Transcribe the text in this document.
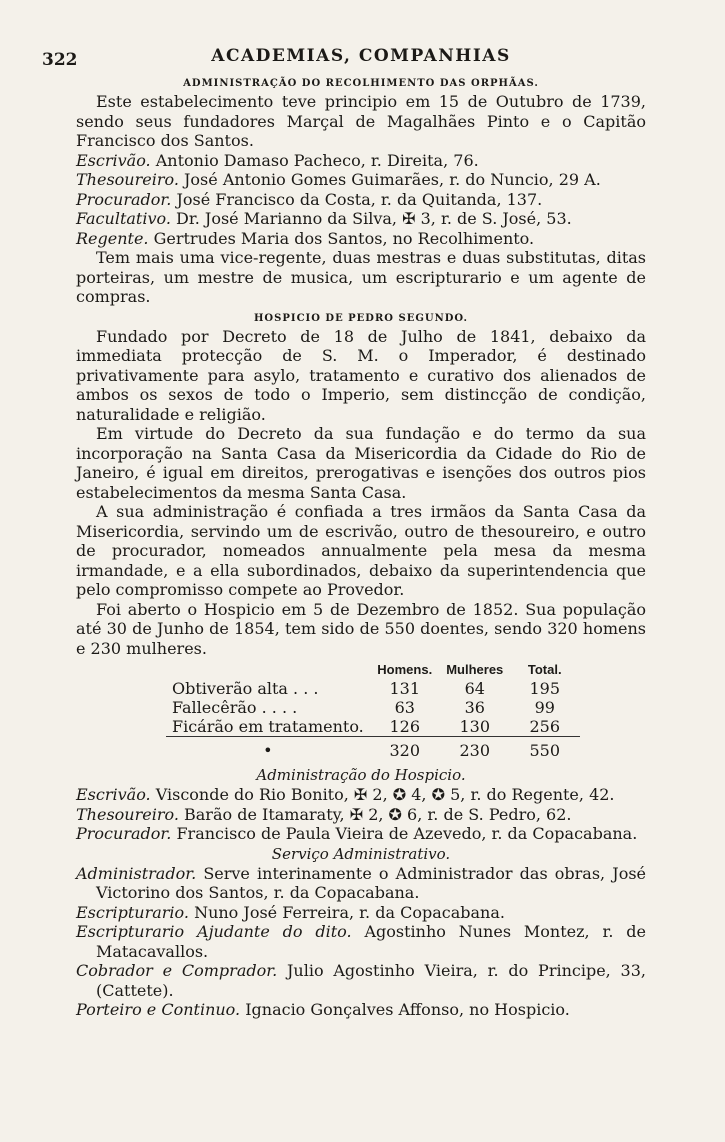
322	ACADEMIAS, COMPANHIAS
ADMINISTRAÇÃO DO RECOLHIMENTO DAS ORPHÃAS.

Este estabelecimento teve principio em 15 de Outubro de 1739, sendo seus fundadores Marçal de Magalhães Pinto e o Capitão Francisco dos Santos.

Escrivão. Antonio Damaso Pacheco, r. Direita, 76.
Thesoureiro. José Antonio Gomes Guimarães, r. do Nuncio, 29 A.
Procurador. José Francisco da Costa, r. da Quitanda, 137.
Facultativo. Dr. José Marianno da Silva, ✠ 3, r. de S. José, 53.
Regente. Gertrudes Maria dos Santos, no Recolhimento.

Tem mais uma vice-regente, duas mestras e duas substitutas, ditas porteiras, um mestre de musica, um escripturario e um agente de compras.

HOSPICIO DE PEDRO SEGUNDO.

Fundado por Decreto de 18 de Julho de 1841, debaixo da immediata protecção de S. M. o Imperador, é destinado privativamente para asylo, tratamento e curativo dos alienados de ambos os sexos de todo o Imperio, sem distincção de condição, naturalidade e religião.

Em virtude do Decreto da sua fundação e do termo da sua incorporação na Santa Casa da Misericordia da Cidade do Rio de Janeiro, é igual em direitos, prerogativas e isenções dos outros pios estabelecimentos da mesma Santa Casa.

A sua administração é confiada a tres irmãos da Santa Casa da Misericordia, servindo um de escrivão, outro de thesoureiro, e outro de procurador, nomeados annualmente pela mesa da mesma irmandade, e a ella subordinados, debaixo da superintendencia que pelo compromisso compete ao Provedor.

Foi aberto o Hospicio em 5 de Dezembro de 1852. Sua população até 30 de Junho de 1854, tem sido de 550 doentes, sendo 320 homens e 230 mulheres.

	Homens.	Mulheres	Total.
Obtiverão alta . . .	131	64	195
Fallecêrão . . . .	63	36	99
Ficárão em tratamento.	126	130	256
•	320	230	550
Administração do Hospicio.
Escrivão. Visconde do Rio Bonito, ✠ 2, ✪ 4, ✪ 5, r. do Regente, 42.
Thesoureiro. Barão de Itamaraty, ✠ 2, ✪ 6, r. de S. Pedro, 62.
Procurador. Francisco de Paula Vieira de Azevedo, r. da Copacabana.
Serviço Administrativo.
Administrador. Serve interinamente o Administrador das obras, José Victorino dos Santos, r. da Copacabana.
Escripturario. Nuno José Ferreira, r. da Copacabana.
Escripturario Ajudante do dito. Agostinho Nunes Montez, r. de Matacavallos.
Cobrador e Comprador. Julio Agostinho Vieira, r. do Principe, 33, (Cattete).
Porteiro e Continuo. Ignacio Gonçalves Affonso, no Hospicio.
